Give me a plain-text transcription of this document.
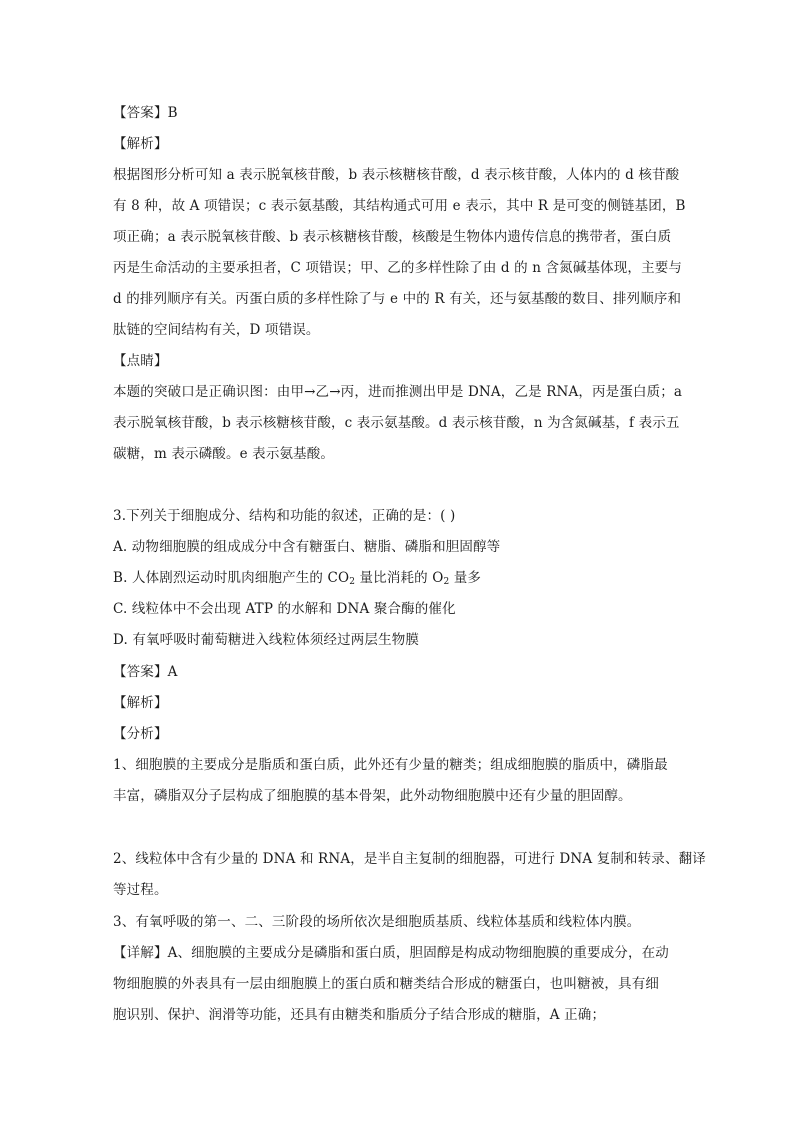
【答案】B
【解析】
根据图形分析可知 a 表示脱氧核苷酸，b 表示核糖核苷酸，d 表示核苷酸，人体内的 d 核苷酸
有 8 种，故 A 项错误；c 表示氨基酸，其结构通式可用 e 表示，其中 R 是可变的侧链基团，B
项正确；a 表示脱氧核苷酸、b 表示核糖核苷酸，核酸是生物体内遗传信息的携带者，蛋白质
丙是生命活动的主要承担者，C 项错误；甲、乙的多样性除了由 d 的 n 含氮碱基体现，主要与
d 的排列顺序有关。丙蛋白质的多样性除了与 e 中的 R 有关，还与氨基酸的数目、排列顺序和
肽链的空间结构有关，D 项错误。
【点睛】
本题的突破口是正确识图：由甲→乙→丙，进而推测出甲是 DNA，乙是 RNA，丙是蛋白质；a
表示脱氧核苷酸，b 表示核糖核苷酸，c 表示氨基酸。d 表示核苷酸，n 为含氮碱基，f 表示五
碳糖，m 表示磷酸。e 表示氨基酸。
3.下列关于细胞成分、结构和功能的叙述，正确的是：( )
A. 动物细胞膜的组成成分中含有糖蛋白、糖脂、磷脂和胆固醇等
B. 人体剧烈运动时肌肉细胞产生的 $CO_2$ 量比消耗的 $O_2$ 量多
C. 线粒体中不会出现 ATP 的水解和 DNA 聚合酶的催化
D. 有氧呼吸时葡萄糖进入线粒体须经过两层生物膜
【答案】A
【解析】
【分析】
1、细胞膜的主要成分是脂质和蛋白质，此外还有少量的糖类；组成细胞膜的脂质中，磷脂最
丰富，磷脂双分子层构成了细胞膜的基本骨架，此外动物细胞膜中还有少量的胆固醇。
2、线粒体中含有少量的 DNA 和 RNA，是半自主复制的细胞器，可进行 DNA 复制和转录、翻译
等过程。
3、有氧呼吸的第一、二、三阶段的场所依次是细胞质基质、线粒体基质和线粒体内膜。
【详解】A、细胞膜的主要成分是磷脂和蛋白质，胆固醇是构成动物细胞膜的重要成分，在动
物细胞膜的外表具有一层由细胞膜上的蛋白质和糖类结合形成的糖蛋白，也叫糖被，具有细
胞识别、保护、润滑等功能，还具有由糖类和脂质分子结合形成的糖脂，A 正确；
